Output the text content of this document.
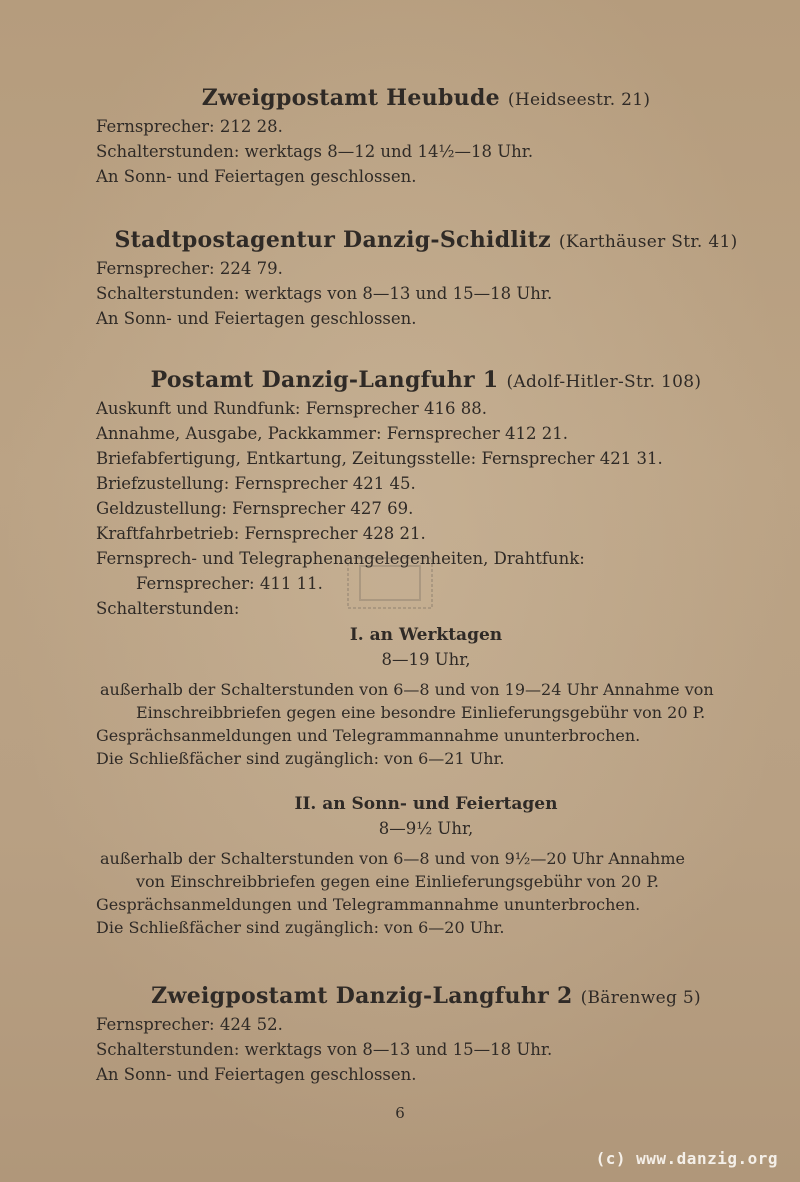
Zweigpostamt Heubude (Heidseestr. 21)
Fernsprecher: 212 28.
Schalterstunden: werktags 8—12 und 14½—18 Uhr.
An Sonn- und Feiertagen geschlossen.
Stadtpostagentur Danzig-Schidlitz (Karthäuser Str. 41)
Fernsprecher: 224 79.
Schalterstunden: werktags von 8—13 und 15—18 Uhr.
An Sonn- und Feiertagen geschlossen.
Postamt Danzig-Langfuhr 1 (Adolf-Hitler-Str. 108)
Auskunft und Rundfunk: Fernsprecher 416 88.
Annahme, Ausgabe, Packkammer: Fernsprecher 412 21.
Briefabfertigung, Entkartung, Zeitungsstelle: Fernsprecher 421 31.
Briefzustellung: Fernsprecher 421 45.
Geldzustellung: Fernsprecher 427 69.
Kraftfahrbetrieb: Fernsprecher 428 21.
Fernsprech- und Telegraphenangelegenheiten, Drahtfunk:
Fernsprecher: 411 11.
Schalterstunden:
I. an Werktagen
8—19 Uhr,
außerhalb der Schalterstunden von 6—8 und von 19—24 Uhr Annahme von
Einschreibbriefen gegen eine besondre Einlieferungsgebühr von 20 P.
Gesprächsanmeldungen und Telegrammannahme ununterbrochen.
Die Schließfächer sind zugänglich: von 6—21 Uhr.
II. an Sonn- und Feiertagen
8—9½ Uhr,
außerhalb der Schalterstunden von 6—8 und von 9½—20 Uhr Annahme
von Einschreibbriefen gegen eine Einlieferungsgebühr von 20 P.
Gesprächsanmeldungen und Telegrammannahme ununterbrochen.
Die Schließfächer sind zugänglich: von 6—20 Uhr.
Zweigpostamt Danzig-Langfuhr 2 (Bärenweg 5)
Fernsprecher: 424 52.
Schalterstunden: werktags von 8—13 und 15—18 Uhr.
An Sonn- und Feiertagen geschlossen.
6
(c) www.danzig.org
